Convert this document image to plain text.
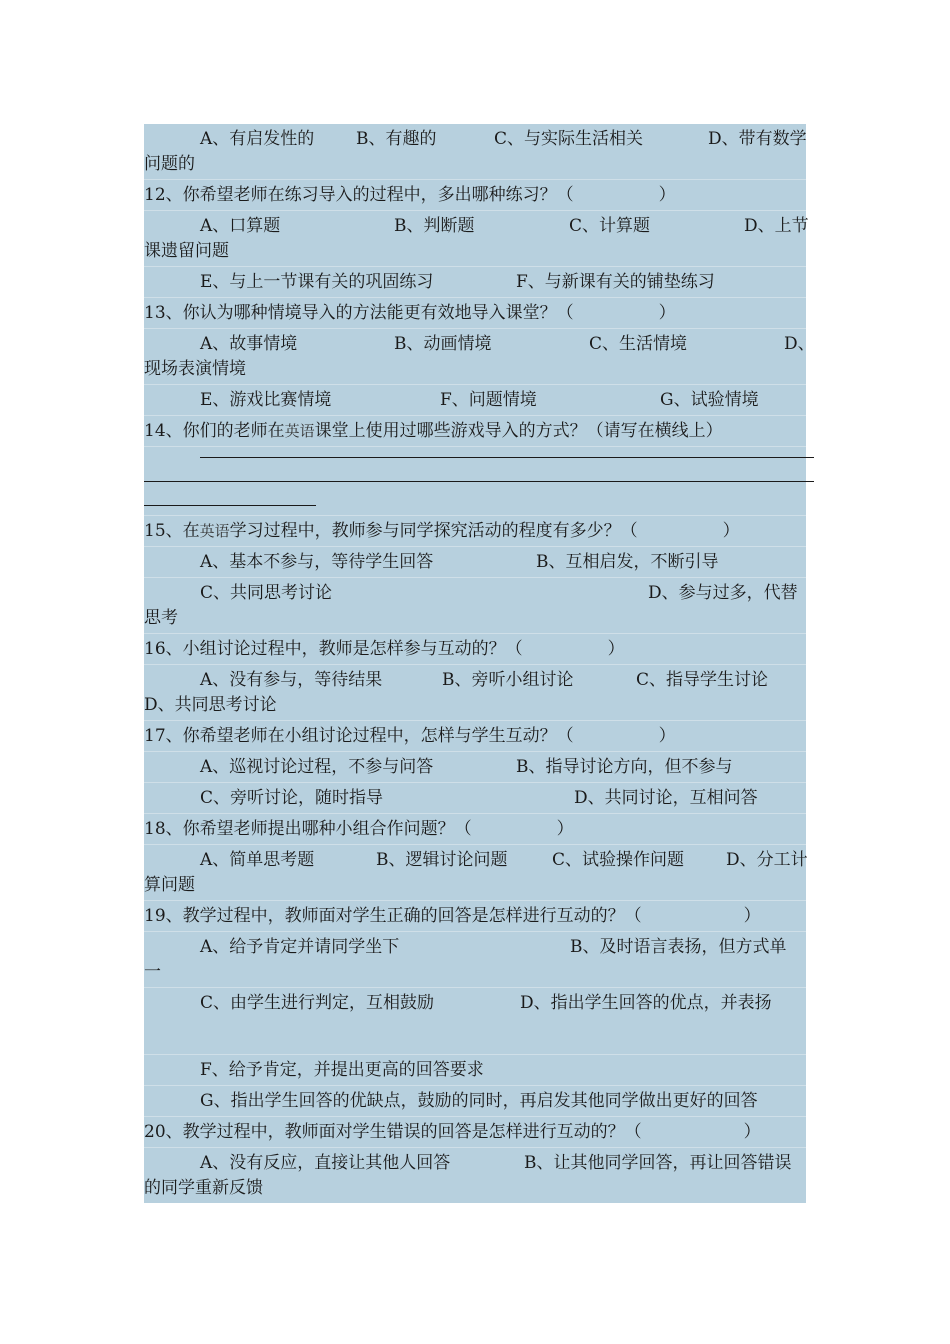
A、有启发性的 B、有趣的	C、与实际生活相关	D、带有数学
问题的
12、你希望老师在练习导入的过程中，多出哪种练习？（　　　　　）
A、口算题	B、判断题	C、计算题	D、上节
课遗留问题
E、与上一节课有关的巩固练习	F、与新课有关的铺垫练习
13、你认为哪种情境导入的方法能更有效地导入课堂？（　　　　　）
A、故事情境	B、动画情境	C、生活情境	D、
现场表演情境
E、游戏比赛情境	F、问题情境	G、试验情境
14、你们的老师在英语课堂上使用过哪些游戏导入的方式？（请写在横线上）
15、在英语学习过程中，教师参与同学探究活动的程度有多少？（　　　　　）
A、基本不参与，等待学生回答	B、互相启发，不断引导
C、共同思考讨论	D、参与过多，代替
思考
16、小组讨论过程中，教师是怎样参与互动的？（　　　　　）
A、没有参与，等待结果	B、旁听小组讨论	C、指导学生讨论
D、共同思考讨论
17、你希望老师在小组讨论过程中，怎样与学生互动？（　　　　　）
A、巡视讨论过程，不参与问答	B、指导讨论方向，但不参与
C、旁听讨论，随时指导	D、共同讨论，互相问答
18、你希望老师提出哪种小组合作问题？（　　　　　）
A、简单思考题	B、逻辑讨论问题	C、试验操作问题 D、分工计
算问题
19、教学过程中，教师面对学生正确的回答是怎样进行互动的？（　　　　　　）
A、给予肯定并请同学坐下	B、及时语言表扬，但方式单
一
C、由学生进行判定，互相鼓励	D、指出学生回答的优点，并表扬
F、给予肯定，并提出更高的回答要求
G、指出学生回答的优缺点，鼓励的同时，再启发其他同学做出更好的回答
20、教学过程中，教师面对学生错误的回答是怎样进行互动的？（　　　　　　）
A、没有反应，直接让其他人回答	B、让其他同学回答，再让回答错误
的同学重新反馈
